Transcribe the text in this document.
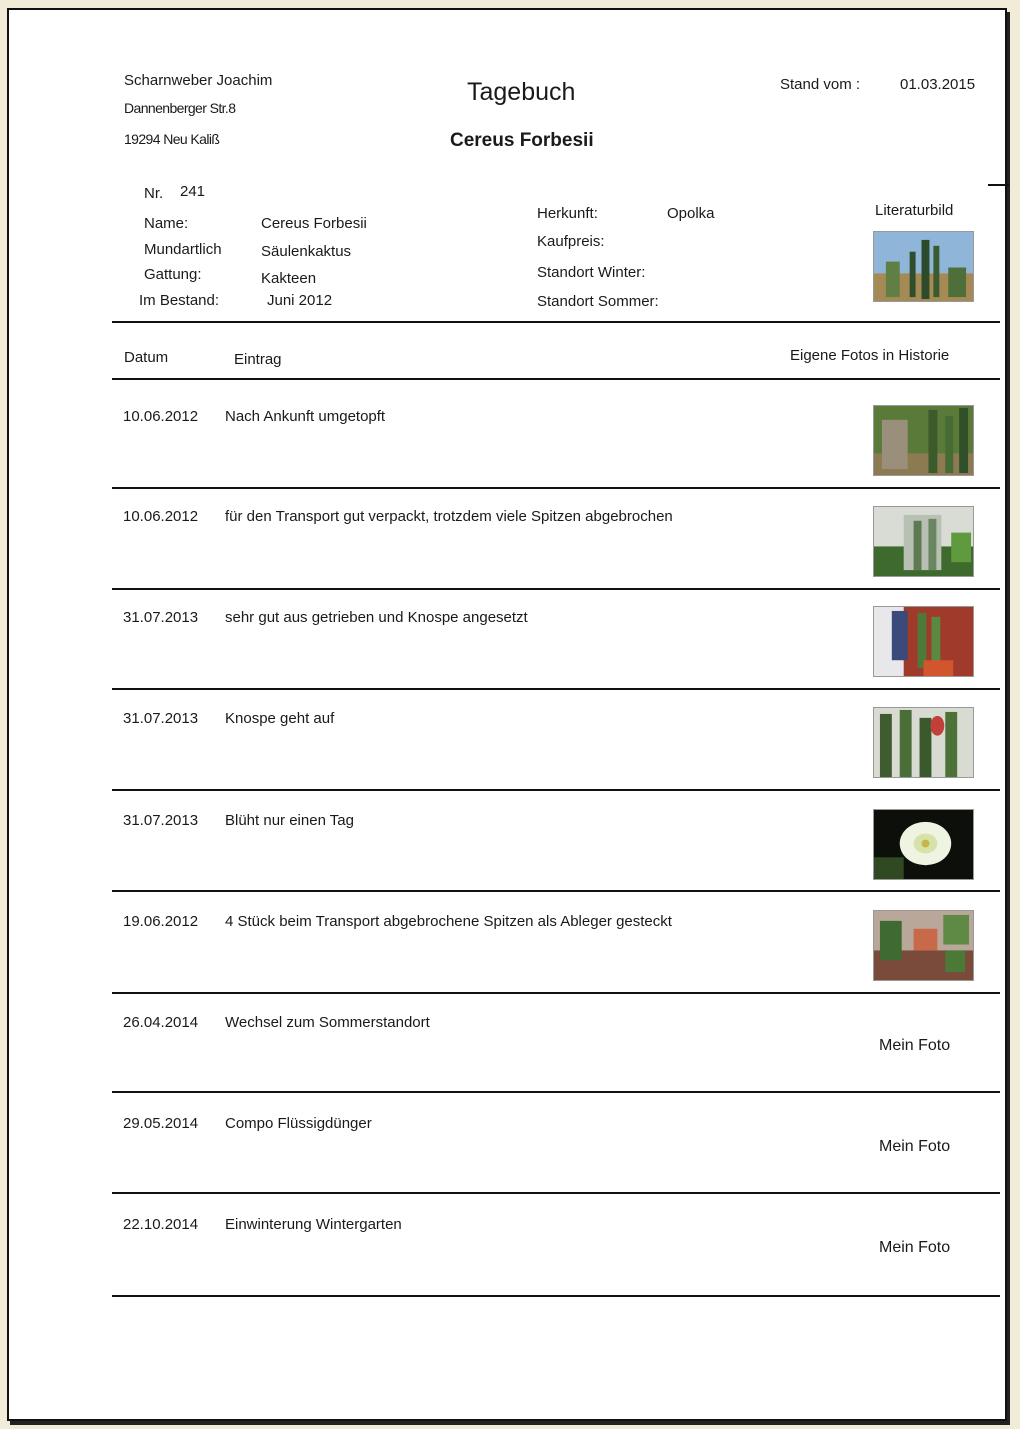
Scharnweber Joachim
Dannenberger Str.8
19294 Neu Kaliß
Tagebuch
Cereus Forbesii
Stand vom :	01.03.2015
Nr. 241
Name:	Cereus Forbesii
Mundartlich	Säulenkaktus
Gattung:	Kakteen
Im Bestand:	Juni 2012
Herkunft:	Opolka
Kaufpreis:
Standort Winter:
Standort Sommer:
Literaturbild
Datum	Eintrag	Eigene Fotos in Historie
10.06.2012 Nach Ankunft umgetopft
10.06.2012 für den Transport gut verpackt, trotzdem viele Spitzen abgebrochen
31.07.2013 sehr gut aus getrieben und Knospe angesetzt
31.07.2013 Knospe geht auf
31.07.2013 Blüht nur einen Tag
19.06.2012 4 Stück beim Transport abgebrochene Spitzen als Ableger gesteckt
26.04.2014 Wechsel zum Sommerstandort
Mein Foto
29.05.2014 Compo Flüssigdünger
Mein Foto
22.10.2014 Einwinterung Wintergarten
Mein Foto
